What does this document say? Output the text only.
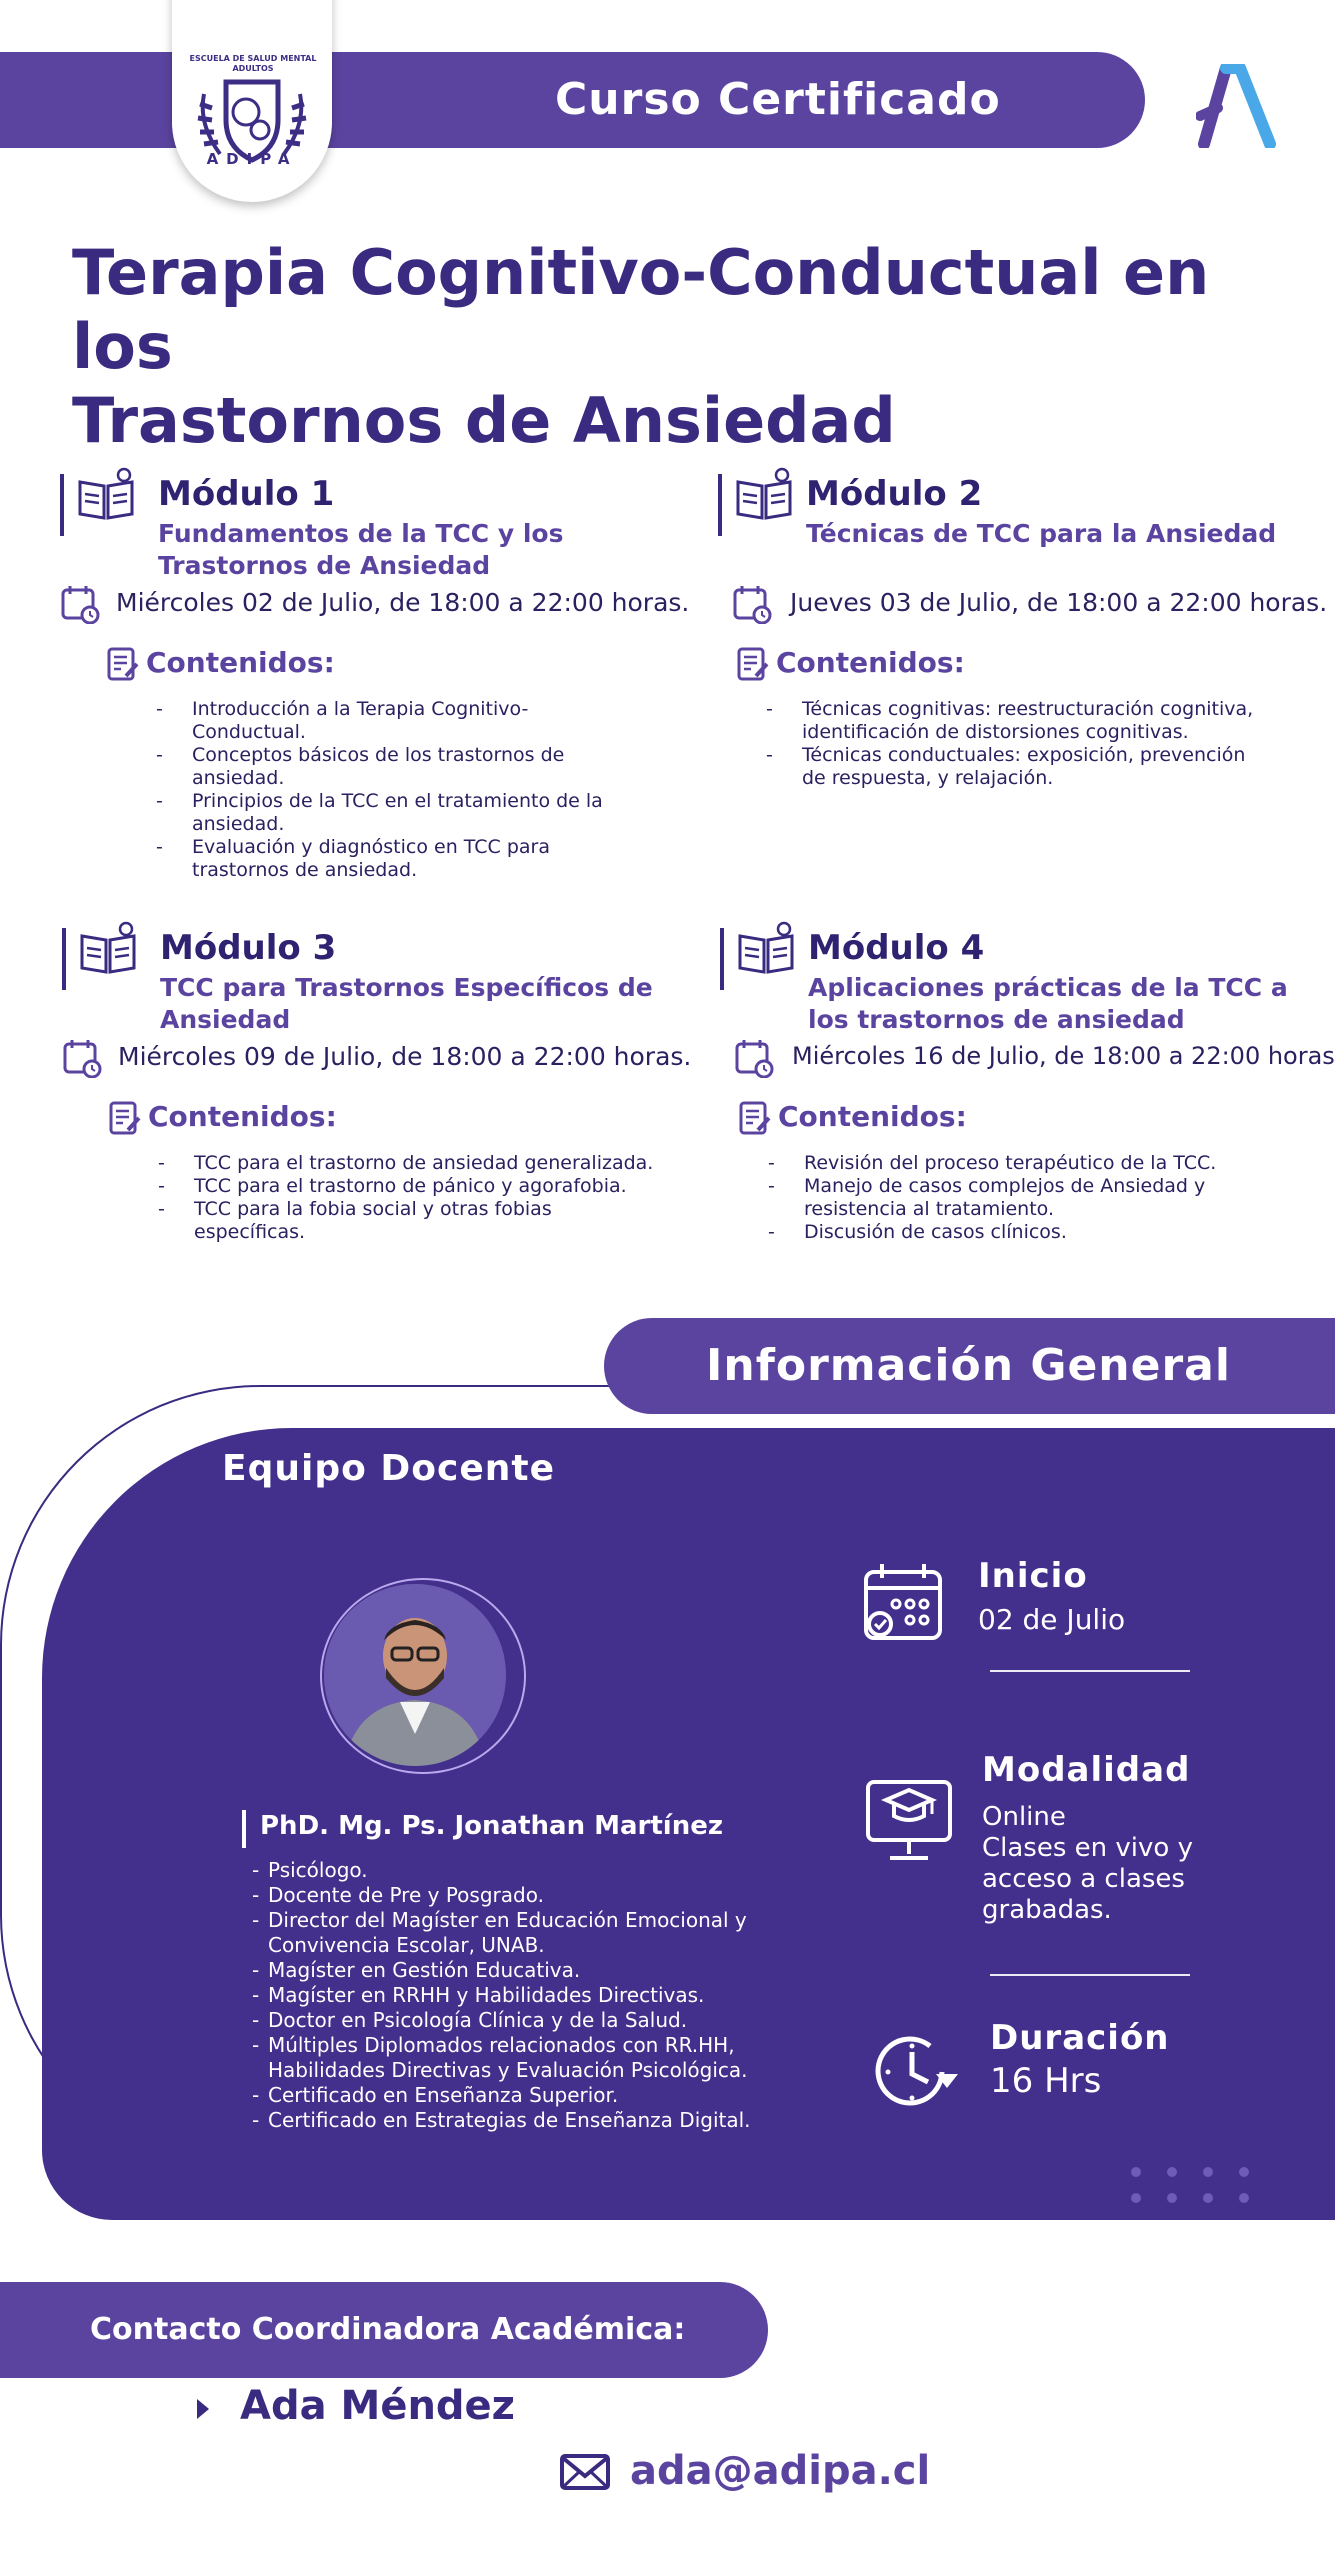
Curso Certificado
ESCUELA DE SALUD MENTAL ADULTOS
ADIPA
Terapia Cognitivo-Conductual en los
Trastornos de Ansiedad
Módulo 1
Fundamentos de la TCC y los Trastornos de Ansiedad
Miércoles 02 de Julio, de 18:00 a 22:00 horas.
Contenidos:
- Introducción a la Terapia Cognitivo-Conductual.
- Conceptos básicos de los trastornos de ansiedad.
- Principios de la TCC en el tratamiento de la ansiedad.
- Evaluación y diagnóstico en TCC para trastornos de ansiedad.
Módulo 2
Técnicas de TCC para la Ansiedad
Jueves 03 de Julio, de 18:00 a 22:00 horas.
Contenidos:
- Técnicas cognitivas: reestructuración cognitiva, identificación de distorsiones cognitivas.
- Técnicas conductuales: exposición, prevención de respuesta, y relajación.
Módulo 3
TCC para Trastornos Específicos de Ansiedad
Miércoles 09 de Julio, de 18:00 a 22:00 horas.
Contenidos:
- TCC para el trastorno de ansiedad generalizada.
- TCC para el trastorno de pánico y agorafobia.
- TCC para la fobia social y otras fobias específicas.
Módulo 4
Aplicaciones prácticas de la TCC a los trastornos de ansiedad
Miércoles 16 de Julio, de 18:00 a 22:00 horas
Contenidos:
- Revisión del proceso terapéutico de la TCC.
- Manejo de casos complejos de Ansiedad y resistencia al tratamiento.
- Discusión de casos clínicos.
Información General
Equipo Docente
PhD. Mg. Ps. Jonathan Martínez
- Psicólogo.
- Docente de Pre y Posgrado.
- Director del Magíster en Educación Emocional y Convivencia Escolar, UNAB.
- Magíster en Gestión Educativa.
- Magíster en RRHH y Habilidades Directivas.
- Doctor en Psicología Clínica y de la Salud.
- Múltiples Diplomados relacionados con RR.HH, Habilidades Directivas y Evaluación Psicológica.
- Certificado en Enseñanza Superior.
- Certificado en Estrategias de Enseñanza Digital.
Inicio
02 de Julio
Modalidad
Online
Clases en vivo y acceso a clases grabadas.
Duración
16 Hrs
Contacto Coordinadora Académica:
Ada Méndez
ada@adipa.cl
